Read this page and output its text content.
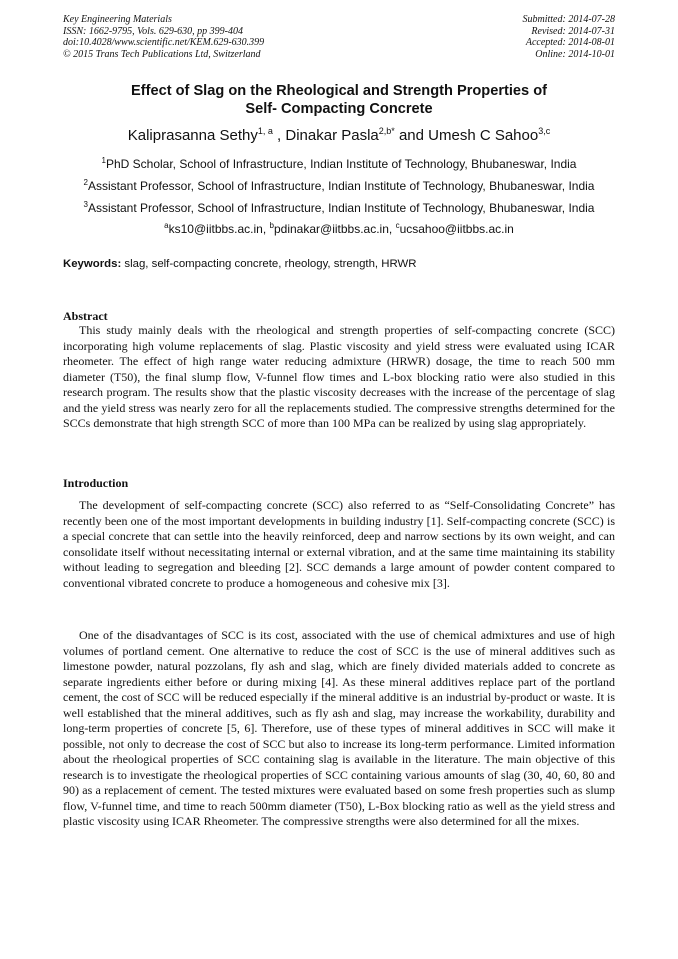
Key Engineering Materials
ISSN: 1662-9795, Vols. 629-630, pp 399-404
doi:10.4028/www.scientific.net/KEM.629-630.399
© 2015 Trans Tech Publications Ltd, Switzerland
Submitted: 2014-07-28
Revised: 2014-07-31
Accepted: 2014-08-01
Online: 2014-10-01
Effect of Slag on the Rheological and Strength Properties of
Self- Compacting Concrete
Kaliprasanna Sethy$^{1, a}$ , Dinakar Pasla$^{2,b*}$ and Umesh C Sahoo$^{3,c}$
$^1$PhD Scholar, School of Infrastructure, Indian Institute of Technology, Bhubaneswar, India
$^2$Assistant Professor, School of Infrastructure, Indian Institute of Technology, Bhubaneswar, India
$^3$Assistant Professor, School of Infrastructure, Indian Institute of Technology, Bhubaneswar, India
$^a$ks10@iitbbs.ac.in, $^b$pdinakar@iitbbs.ac.in, $^c$ucsahoo@iitbbs.ac.in
Keywords: slag, self-compacting concrete, rheology, strength, HRWR
Abstract
This study mainly deals with the rheological and strength properties of self-compacting concrete (SCC) incorporating high volume replacements of slag. Plastic viscosity and yield stress were evaluated using ICAR rheometer. The effect of high range water reducing admixture (HRWR) dosage, the time to reach 500 mm diameter (T50), the final slump flow, V-funnel flow times and L-box blocking ratio were also studied in this research program. The results show that the plastic viscosity decreases with the increase of the percentage of slag and the yield stress was nearly zero for all the replacements studied. The compressive strengths determined for the SCCs demonstrate that high strength SCC of more than 100 MPa can be realized by using slag appropriately.
Introduction
The development of self-compacting concrete (SCC) also referred to as “Self-Consolidating Concrete” has recently been one of the most important developments in building industry [1]. Self-compacting concrete (SCC) is a special concrete that can settle into the heavily reinforced, deep and narrow sections by its own weight, and can consolidate itself without necessitating internal or external vibration, and at the same time maintaining its stability without leading to segregation and bleeding [2]. SCC demands a large amount of powder content compared to conventional vibrated concrete to produce a homogeneous and cohesive mix [3].
One of the disadvantages of SCC is its cost, associated with the use of chemical admixtures and use of high volumes of portland cement. One alternative to reduce the cost of SCC is the use of mineral additives such as limestone powder, natural pozzolans, fly ash and slag, which are finely divided materials added to concrete as separate ingredients either before or during mixing [4]. As these mineral additives replace part of the portland cement, the cost of SCC will be reduced especially if the mineral additive is an industrial by-product or waste. It is well established that the mineral additives, such as fly ash and slag, may increase the workability, durability and long-term properties of concrete [5, 6]. Therefore, use of these types of mineral additives in SCC will make it possible, not only to decrease the cost of SCC but also to increase its long-term performance. Limited information about the rheological properties of SCC containing slag is available in the literature. The main objective of this research is to investigate the rheological properties of SCC containing various amounts of slag (30, 40, 60, 80 and 90) as a replacement of cement. The tested mixtures were evaluated based on some fresh properties such as slump flow, V-funnel time, and time to reach 500mm diameter (T50), L-Box blocking ratio as well as the yield stress and plastic viscosity using ICAR Rheometer. The compressive strengths were also determined for all the mixes.
